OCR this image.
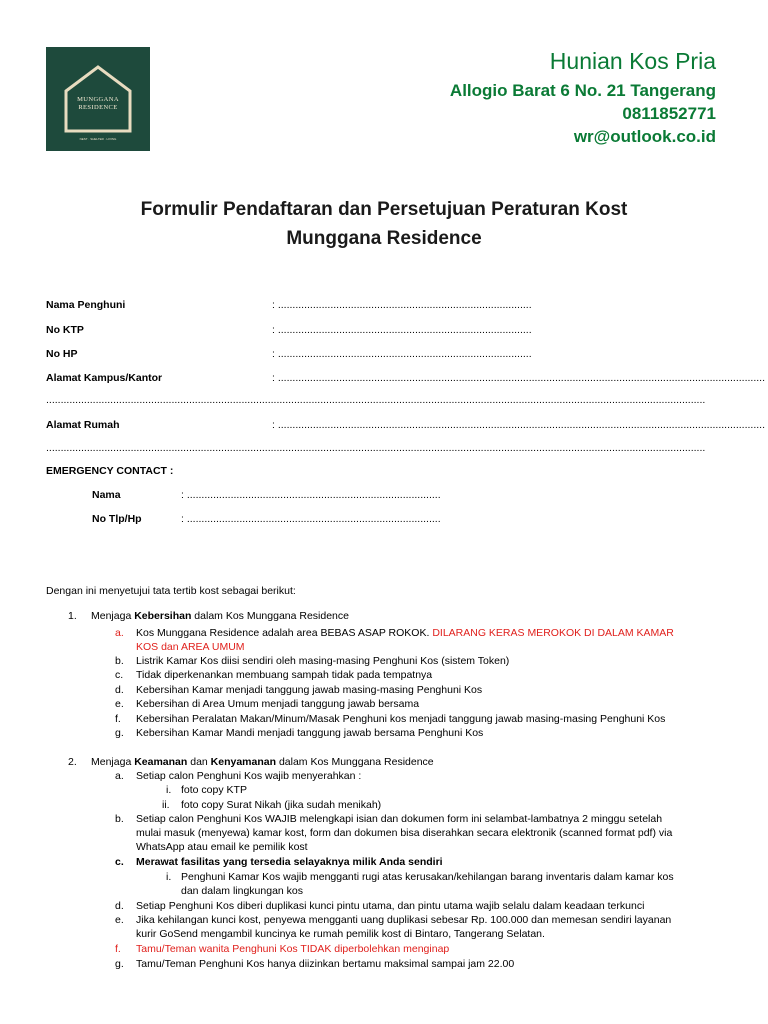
MUNGGANA
RESIDENCE
NEST · SHELTER · LIVING
Hunian Kos Pria
Allogio Barat 6 No. 21 Tangerang
0811852771
wr@outlook.co.id
Formulir Pendaftaran dan Persetujuan Peraturan Kost
Munggana Residence
Nama Penghuni	: .......................................................................................
No KTP	: .......................................................................................
No HP	: .......................................................................................
Alamat Kampus/Kantor	: .......................................................................................................................................................................
..................................................................................................................................................................................................................................
Alamat Rumah	: .......................................................................................................................................................................
..................................................................................................................................................................................................................................
EMERGENCY CONTACT :
Nama	: .......................................................................................
No Tlp/Hp	: .......................................................................................
Dengan ini menyetujui tata tertib kost sebagai berikut:
1. Menjaga Kebersihan dalam Kos Munggana Residence
a. Kos Munggana Residence adalah area BEBAS ASAP ROKOK. DILARANG KERAS MEROKOK DI DALAM KAMAR
KOS dan AREA UMUM
b. Listrik Kamar Kos diisi sendiri oleh masing-masing Penghuni Kos (sistem Token)
c. Tidak diperkenankan membuang sampah tidak pada tempatnya
d. Kebersihan Kamar menjadi tanggung jawab masing-masing Penghuni Kos
e. Kebersihan di Area Umum menjadi tanggung jawab bersama
f. Kebersihan Peralatan Makan/Minum/Masak Penghuni kos menjadi tanggung jawab masing-masing Penghuni Kos
g. Kebersihan Kamar Mandi menjadi tanggung jawab bersama Penghuni Kos
2. Menjaga Keamanan dan Kenyamanan dalam Kos Munggana Residence
a. Setiap calon Penghuni Kos wajib menyerahkan :
i. foto copy KTP
ii. foto copy Surat Nikah (jika sudah menikah)
b. Setiap calon Penghuni Kos WAJIB melengkapi isian dan dokumen form ini selambat-lambatnya 2 minggu setelah
mulai masuk (menyewa) kamar kost, form dan dokumen bisa diserahkan secara elektronik (scanned format pdf) via
WhatsApp atau email ke pemilik kost
c. Merawat fasilitas yang tersedia selayaknya milik Anda sendiri
i. Penghuni Kamar Kos wajib mengganti rugi atas kerusakan/kehilangan barang inventaris dalam kamar kos
dan dalam lingkungan kos
d. Setiap Penghuni Kos diberi duplikasi kunci pintu utama, dan pintu utama wajib selalu dalam keadaan terkunci
e. Jika kehilangan kunci kost, penyewa mengganti uang duplikasi sebesar Rp. 100.000 dan memesan sendiri layanan
kurir GoSend mengambil kuncinya ke rumah pemilik kost di Bintaro, Tangerang Selatan.
f. Tamu/Teman wanita Penghuni Kos TIDAK diperbolehkan menginap
g. Tamu/Teman Penghuni Kos hanya diizinkan bertamu maksimal sampai jam 22.00
